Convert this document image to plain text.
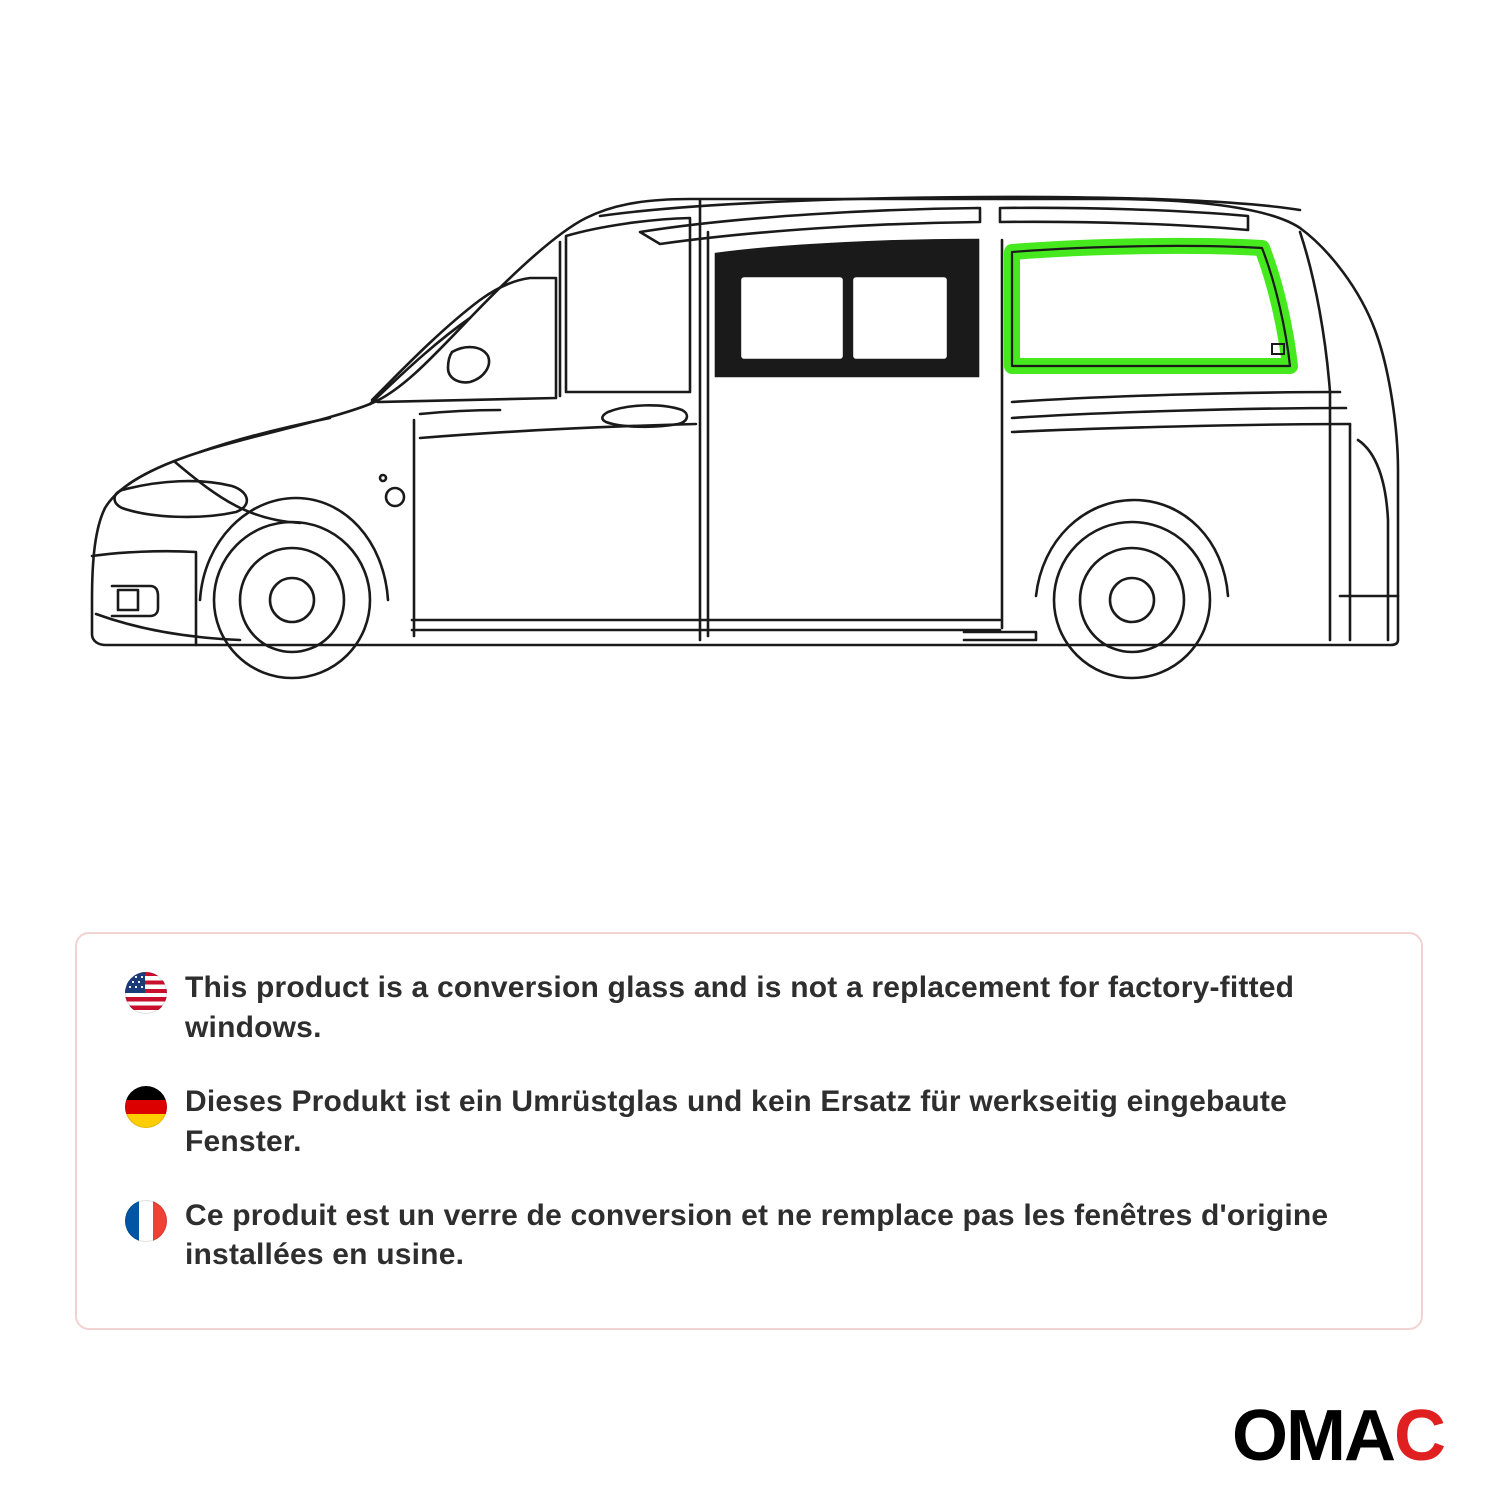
This product is a conversion glass and is not a replacement for factory-fitted windows.
Dieses Produkt ist ein Umrüstglas und kein Ersatz für werkseitig eingebaute Fenster.
Ce produit est un verre de conversion et ne remplace pas les fenêtres d'origine installées en usine.
OM A C
